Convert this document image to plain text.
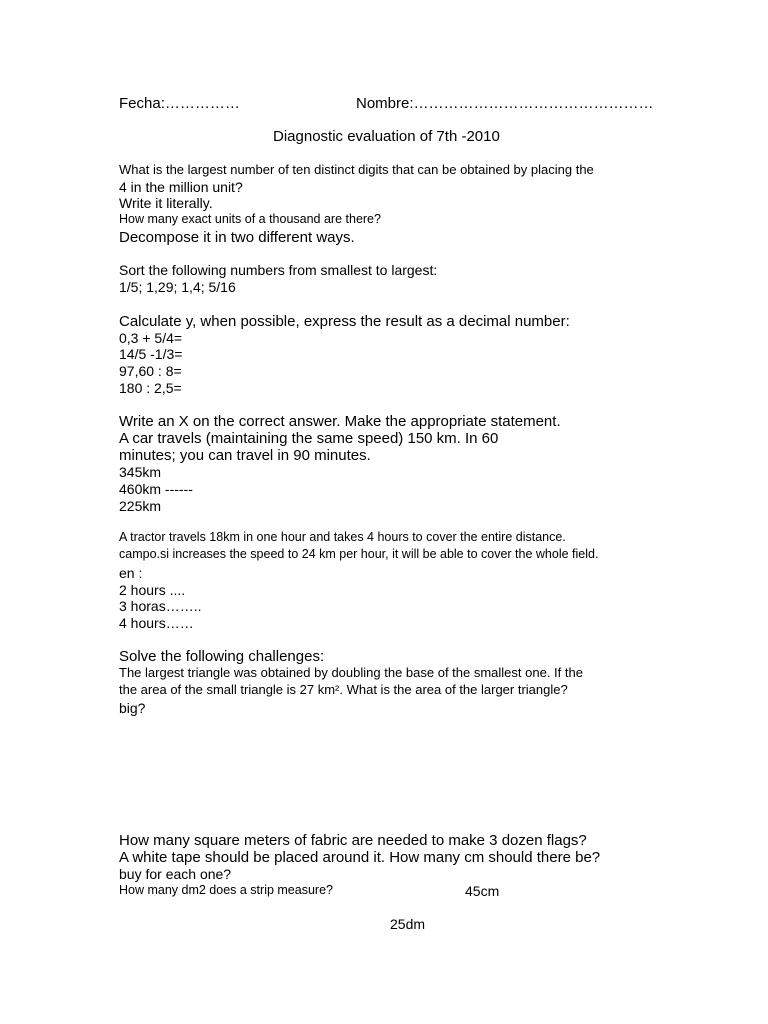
Fecha:……………	Nombre:…………………………………………
Diagnostic evaluation of 7th -2010
What is the largest number of ten distinct digits that can be obtained by placing the
4 in the million unit?
Write it literally.
How many exact units of a thousand are there?
Decompose it in two different ways.
Sort the following numbers from smallest to largest:
1/5; 1,29; 1,4; 5/16
Calculate y, when possible, express the result as a decimal number:
0,3 + 5/4=
14/5 -1/3=
97,60 : 8=
180 : 2,5=
Write an X on the correct answer. Make the appropriate statement.
A car travels (maintaining the same speed) 150 km. In 60
minutes; you can travel in 90 minutes.
345km
460km ------
225km
A tractor travels 18km in one hour and takes 4 hours to cover the entire distance.
campo.si increases the speed to 24 km per hour, it will be able to cover the whole field.
en :
2 hours ....
3 horas……..
4 hours……
Solve the following challenges:
The largest triangle was obtained by doubling the base of the smallest one. If the
the area of the small triangle is 27 km². What is the area of the larger triangle?
big?
How many square meters of fabric are needed to make 3 dozen flags?
A white tape should be placed around it. How many cm should there be?
buy for each one?
How many dm2 does a strip measure?	45cm
25dm
